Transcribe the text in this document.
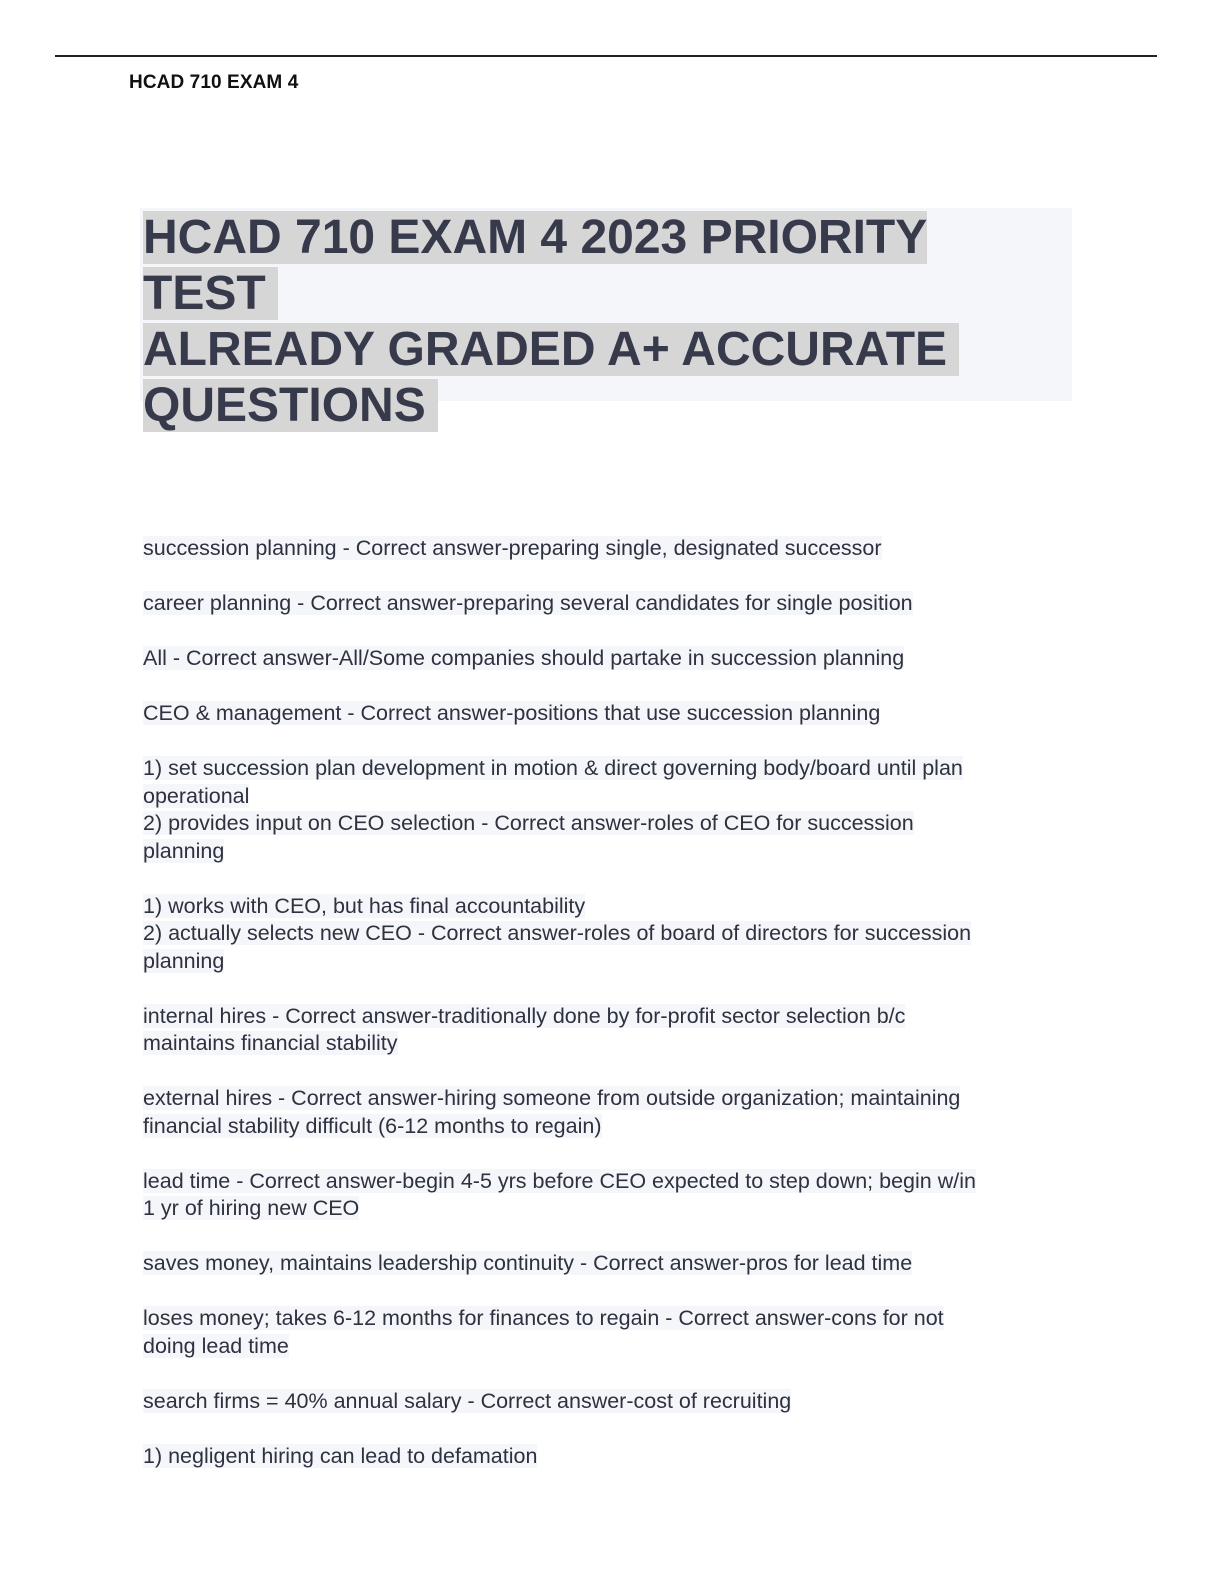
HCAD 710 EXAM 4
HCAD 710 EXAM 4 2023 PRIORITY TEST
ALREADY GRADED A+ ACCURATE
QUESTIONS
succession planning - Correct answer-preparing single, designated successor
career planning - Correct answer-preparing several candidates for single position
All - Correct answer-All/Some companies should partake in succession planning
CEO & management - Correct answer-positions that use succession planning
1) set succession plan development in motion & direct governing body/board until plan
operational
2) provides input on CEO selection - Correct answer-roles of CEO for succession
planning
1) works with CEO, but has final accountability
2) actually selects new CEO - Correct answer-roles of board of directors for succession
planning
internal hires - Correct answer-traditionally done by for-profit sector selection b/c
maintains financial stability
external hires - Correct answer-hiring someone from outside organization; maintaining
financial stability difficult (6-12 months to regain)
lead time - Correct answer-begin 4-5 yrs before CEO expected to step down; begin w/in
1 yr of hiring new CEO
saves money, maintains leadership continuity - Correct answer-pros for lead time
loses money; takes 6-12 months for finances to regain - Correct answer-cons for not
doing lead time
search firms = 40% annual salary - Correct answer-cost of recruiting
1) negligent hiring can lead to defamation
